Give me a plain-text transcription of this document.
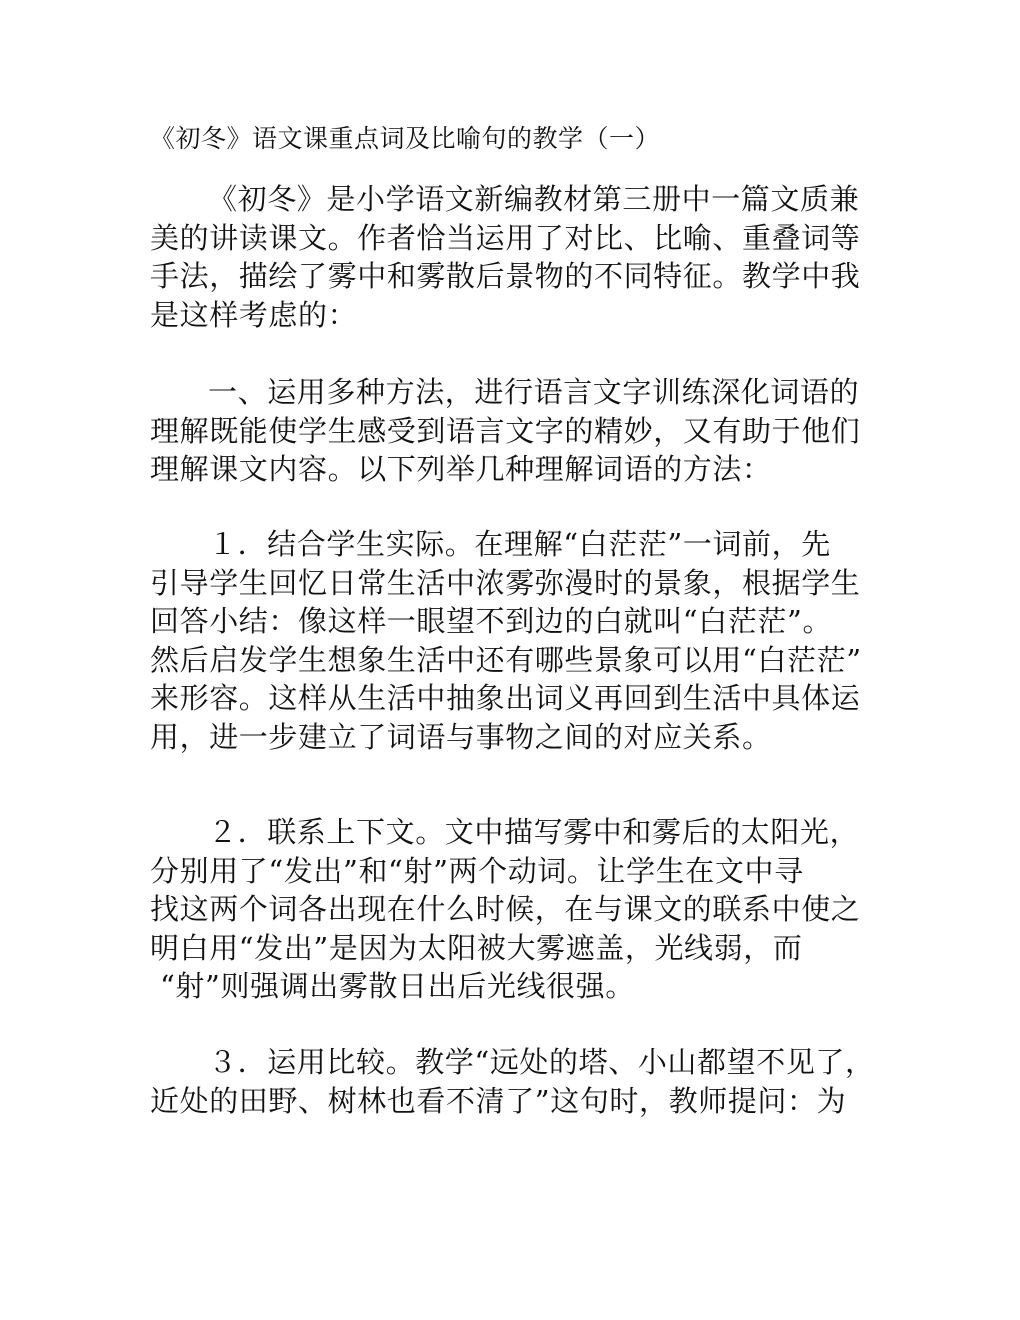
《初冬》语文课重点词及比喻句的教学（一）
《初冬》是小学语文新编教材第三册中一篇文质兼
美的讲读课文。作者恰当运用了对比、比喻、重叠词等
手法，描绘了雾中和雾散后景物的不同特征。教学中我
是这样考虑的：
一、运用多种方法，进行语言文字训练深化词语的
理解既能使学生感受到语言文字的精妙，又有助于他们
理解课文内容。以下列举几种理解词语的方法：
１．结合学生实际。在理解“白茫茫”一词前，先
引导学生回忆日常生活中浓雾弥漫时的景象，根据学生
回答小结：像这样一眼望不到边的白就叫“白茫茫”。
然后启发学生想象生活中还有哪些景象可以用“白茫茫”
来形容。这样从生活中抽象出词义再回到生活中具体运
用，进一步建立了词语与事物之间的对应关系。
２．联系上下文。文中描写雾中和雾后的太阳光，
分别用了“发出”和“射”两个动词。让学生在文中寻
找这两个词各出现在什么时候，在与课文的联系中使之
明白用“发出”是因为太阳被大雾遮盖，光线弱，而
“射”则强调出雾散日出后光线很强。
３．运用比较。教学“远处的塔、小山都望不见了，
近处的田野、树林也看不清了”这句时，教师提问：为
